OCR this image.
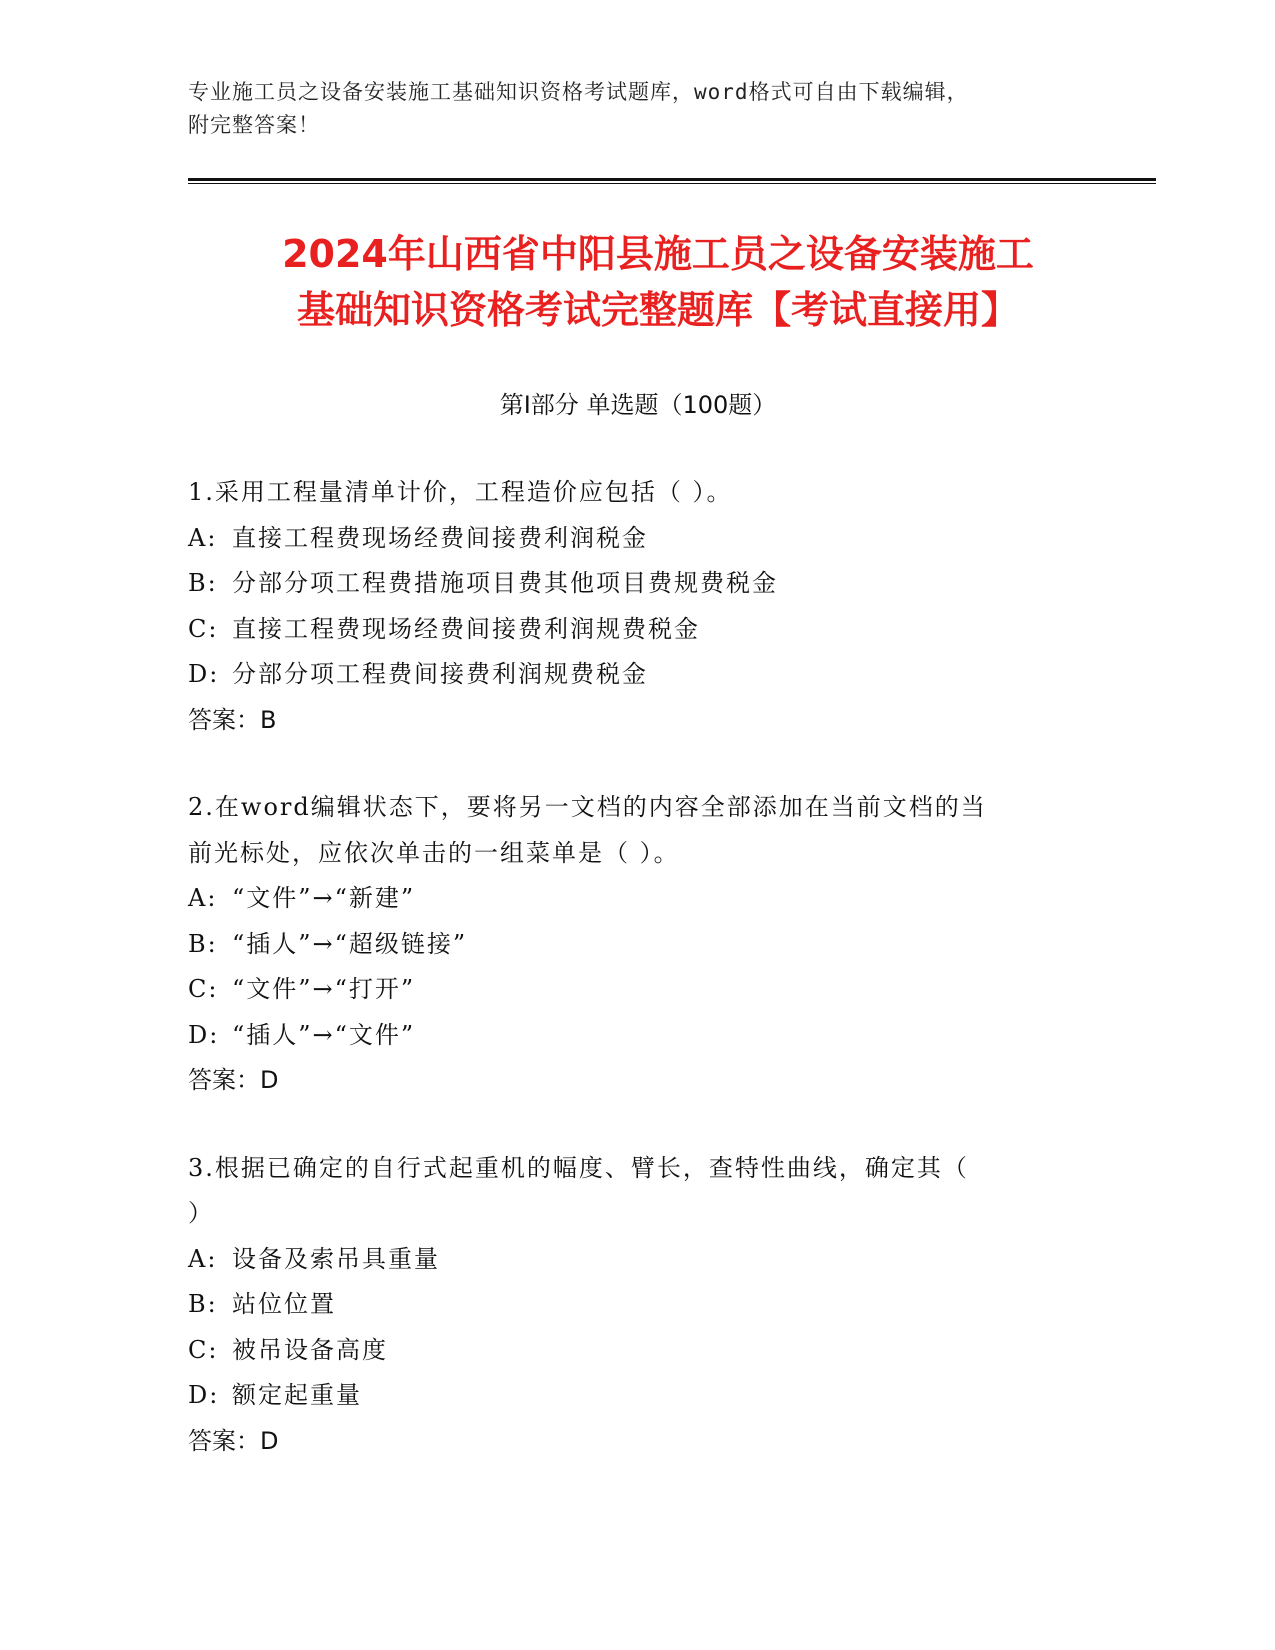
专业施工员之设备安装施工基础知识资格考试题库，word格式可自由下载编辑，
附完整答案！
2024年山西省中阳县施工员之设备安装施工
基础知识资格考试完整题库【考试直接用】
第Ⅰ部分 单选题（100题）
1.采用工程量清单计价，工程造价应包括（ ）。
A: 直接工程费现场经费间接费利润税金
B: 分部分项工程费措施项目费其他项目费规费税金
C: 直接工程费现场经费间接费利润规费税金
D: 分部分项工程费间接费利润规费税金
答案：B
2.在word编辑状态下，要将另一文档的内容全部添加在当前文档的当
前光标处，应依次单击的一组菜单是（ ）。
A: “文件”→“新建”
B: “插人”→“超级链接”
C: “文件”→“打开”
D: “插人”→“文件”
答案：D
3.根据已确定的自行式起重机的幅度、臂长，查特性曲线，确定其（
）
A: 设备及索吊具重量
B: 站位位置
C: 被吊设备高度
D: 额定起重量
答案：D
